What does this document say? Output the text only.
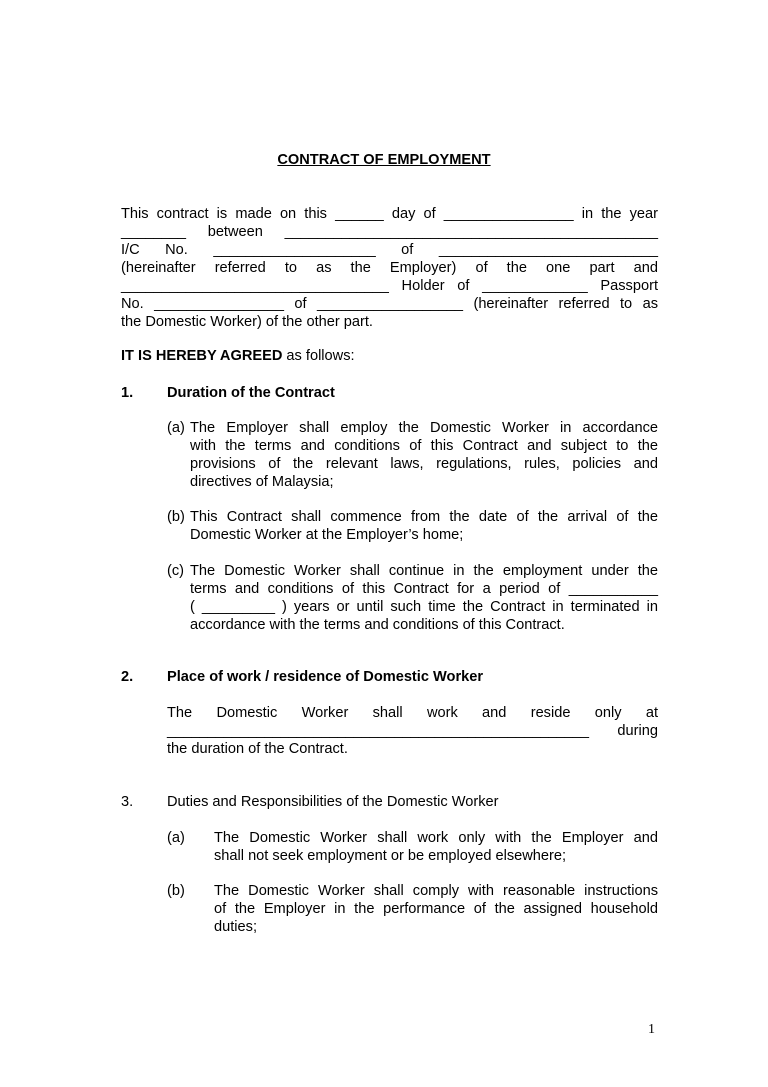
CONTRACT OF EMPLOYMENT
This contract is made on this ______ day of ________________ in the year
________ between ______________________________________________
I/C No. ____________________ of ___________________________
(hereinafter referred to as the Employer) of the one part and
_________________________________ Holder of _____________ Passport
No. ________________ of __________________ (hereinafter referred to as
the Domestic Worker) of the other part.
IT IS HEREBY AGREED as follows:
1. Duration of the Contract
(a) The Employer shall employ the Domestic Worker in accordance
with the terms and conditions of this Contract and subject to the
provisions of the relevant laws, regulations, rules, policies and
directives of Malaysia;
(b) This Contract shall commence from the date of the arrival of the
Domestic Worker at the Employer’s home;
(c) The Domestic Worker shall continue in the employment under the
terms and conditions of this Contract for a period of ___________
( _________ ) years or until such time the Contract in terminated in
accordance with the terms and conditions of this Contract.
2. Place of work / residence of Domestic Worker
The Domestic Worker shall work and reside only at
____________________________________________________ during
the duration of the Contract.
3. Duties and Responsibilities of the Domestic Worker
(a) The Domestic Worker shall work only with the Employer and
shall not seek employment or be employed elsewhere;
(b) The Domestic Worker shall comply with reasonable instructions
of the Employer in the performance of the assigned household
duties;
1
